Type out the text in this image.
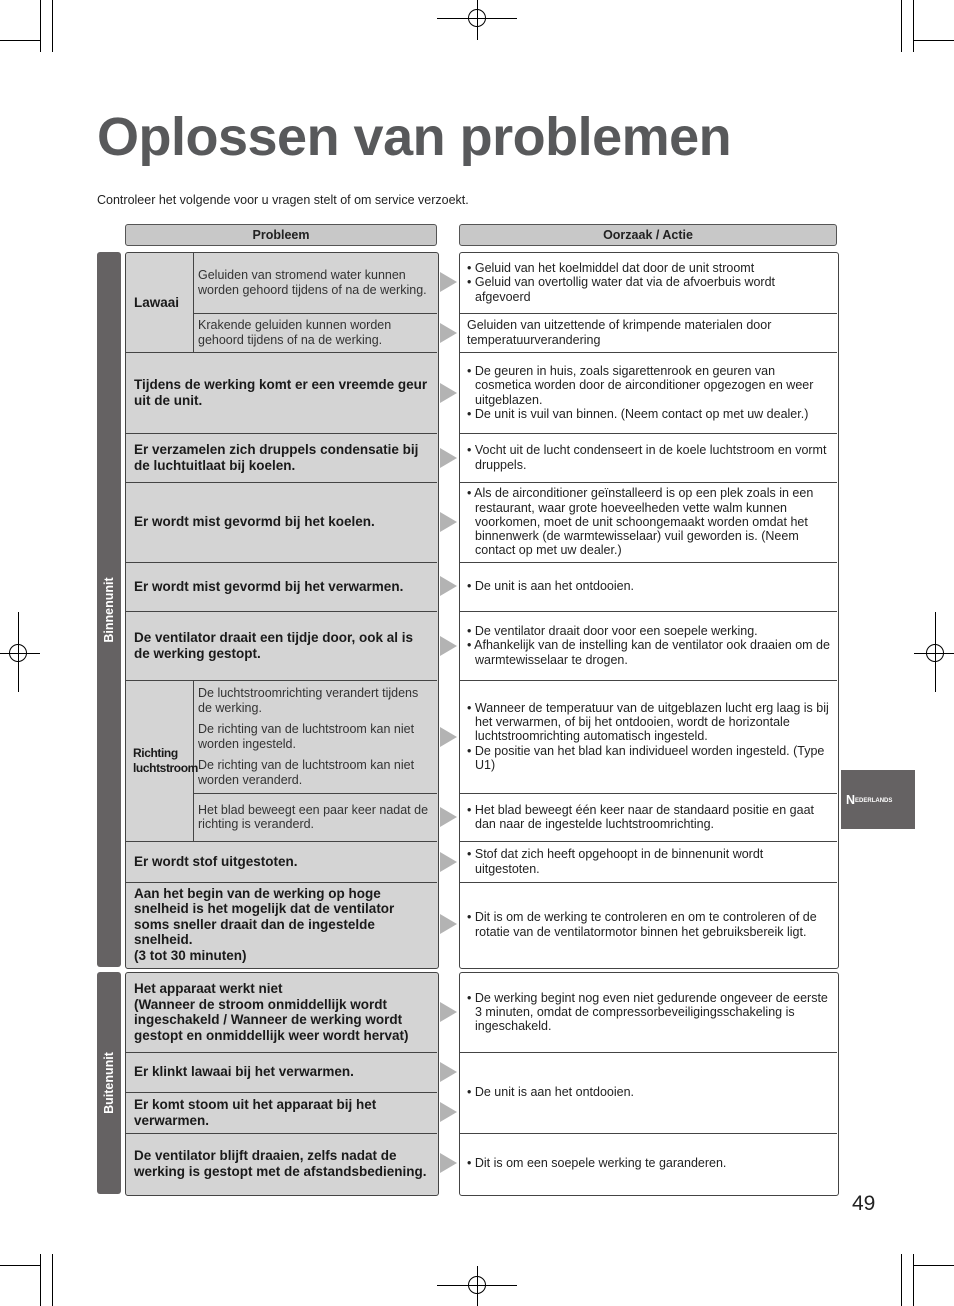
Oplossen van problemen
Controleer het volgende voor u vragen stelt of om service verzoekt.
Probleem	Oorzaak / Actie
Binnenunit
Buitenunit
Lawaai
Richting
luchtstroom
Geluiden van stromend water kunnen worden gehoord tijdens of na de werking.
Krakende geluiden kunnen worden gehoord tijdens of na de werking.
Tijdens de werking komt er een vreemde geur uit de unit.
Er verzamelen zich druppels condensatie bij de luchtuitlaat bij koelen.
Er wordt mist gevormd bij het koelen.
Er wordt mist gevormd bij het verwarmen.
De ventilator draait een tijdje door, ook al is de werking gestopt.
De luchtstroomrichting verandert tijdens de werking.
De richting van de luchtstroom kan niet worden ingesteld.
De richting van de luchtstroom kan niet worden veranderd.
Het blad beweegt een paar keer nadat de richting is veranderd.
Er wordt stof uitgestoten.
Aan het begin van de werking op hoge snelheid is het mogelijk dat de ventilator soms sneller draait dan de ingestelde snelheid.
(3 tot 30 minuten)
Het apparaat werkt niet
(Wanneer de stroom onmiddellijk wordt ingeschakeld / Wanneer de werking wordt gestopt en onmiddellijk weer wordt hervat)
Er klinkt lawaai bij het verwarmen.
Er komt stoom uit het apparaat bij het verwarmen.
De ventilator blijft draaien, zelfs nadat de werking is gestopt met de afstandsbediening.
• Geluid van het koelmiddel dat door de unit stroomt
• Geluid van overtollig water dat via de afvoerbuis wordt afgevoerd
Geluiden van uitzettende of krimpende materialen door temperatuurverandering
• De geuren in huis, zoals sigarettenrook en geuren van cosmetica worden door de airconditioner opgezogen en weer uitgeblazen.
• De unit is vuil van binnen. (Neem contact op met uw dealer.)
• Vocht uit de lucht condenseert in de koele luchtstroom en vormt druppels.
• Als de airconditioner geïnstalleerd is op een plek zoals in een restaurant, waar grote hoeveelheden vette walm kunnen voorkomen, moet de unit schoongemaakt worden omdat het binnenwerk (de warmtewisselaar) vuil geworden is. (Neem contact op met uw dealer.)
• De unit is aan het ontdooien.
• De ventilator draait door voor een soepele werking.
• Afhankelijk van de instelling kan de ventilator ook draaien om de warmtewisselaar te drogen.
• Wanneer de temperatuur van de uitgeblazen lucht erg laag is bij het verwarmen, of bij het ontdooien, wordt de horizontale luchtstroomrichting automatisch ingesteld.
• De positie van het blad kan individueel worden ingesteld. (Type U1)
• Het blad beweegt één keer naar de standaard positie en gaat dan naar de ingestelde luchtstroomrichting.
• Stof dat zich heeft opgehoopt in de binnenunit wordt uitgestoten.
• Dit is om de werking te controleren en om te controleren of de rotatie van de ventilatormotor binnen het gebruiksbereik ligt.
• De werking begint nog even niet gedurende ongeveer de eerste 3 minuten, omdat de compressorbeveiligingsschakeling is ingeschakeld.
• De unit is aan het ontdooien.
• Dit is om een soepele werking te garanderen.
N EDERLANDS
49
